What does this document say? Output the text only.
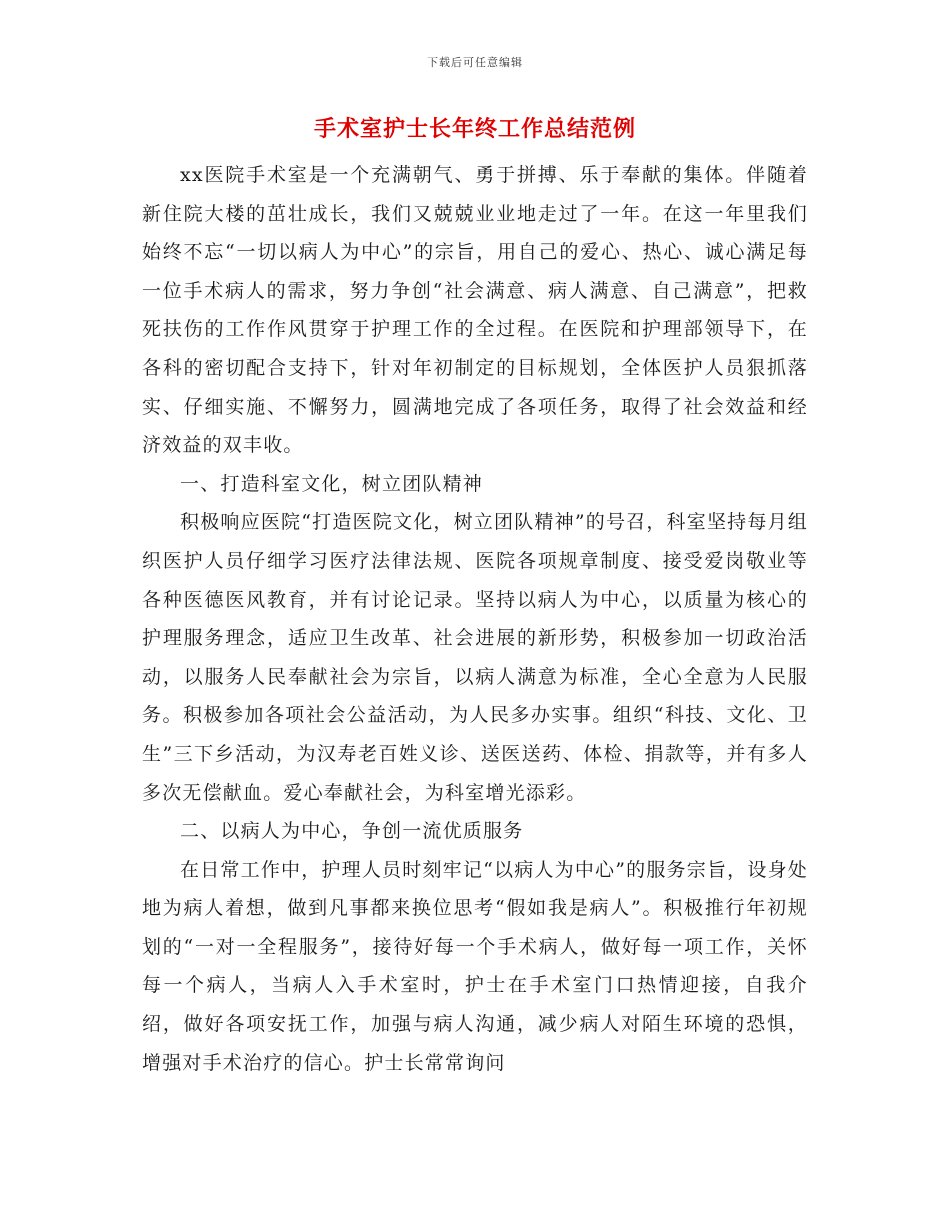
下载后可任意编辑
手术室护士长年终工作总结范例

xx医院手术室是一个充满朝气、勇于拼搏、乐于奉献的集体。伴随着新住院大楼的茁壮成长，我们又兢兢业业地走过了一年。在这一年里我们始终不忘“一切以病人为中心”的宗旨，用自己的爱心、热心、诚心满足每一位手术病人的需求，努力争创“社会满意、病人满意、自己满意”，把救死扶伤的工作作风贯穿于护理工作的全过程。在医院和护理部领导下，在各科的密切配合支持下，针对年初制定的目标规划，全体医护人员狠抓落实、仔细实施、不懈努力，圆满地完成了各项任务，取得了社会效益和经济效益的双丰收。

一、打造科室文化，树立团队精神

积极响应医院“打造医院文化，树立团队精神”的号召，科室坚持每月组织医护人员仔细学习医疗法律法规、医院各项规章制度、接受爱岗敬业等各种医德医风教育，并有讨论记录。坚持以病人为中心，以质量为核心的护理服务理念，适应卫生改革、社会进展的新形势，积极参加一切政治活动，以服务人民奉献社会为宗旨，以病人满意为标准，全心全意为人民服务。积极参加各项社会公益活动，为人民多办实事。组织“科技、文化、卫生”三下乡活动，为汉寿老百姓义诊、送医送药、体检、捐款等，并有多人多次无偿献血。爱心奉献社会，为科室增光添彩。

二、以病人为中心，争创一流优质服务

在日常工作中，护理人员时刻牢记“以病人为中心”的服务宗旨，设身处地为病人着想，做到凡事都来换位思考“假如我是病人”。积极推行年初规划的“一对一全程服务”，接待好每一个手术病人，做好每一项工作，关怀每一个病人，当病人入手术室时，护士在手术室门口热情迎接，自我介绍，做好各项安抚工作，加强与病人沟通，减少病人对陌生环境的恐惧，增强对手术治疗的信心。护士长常常询问
